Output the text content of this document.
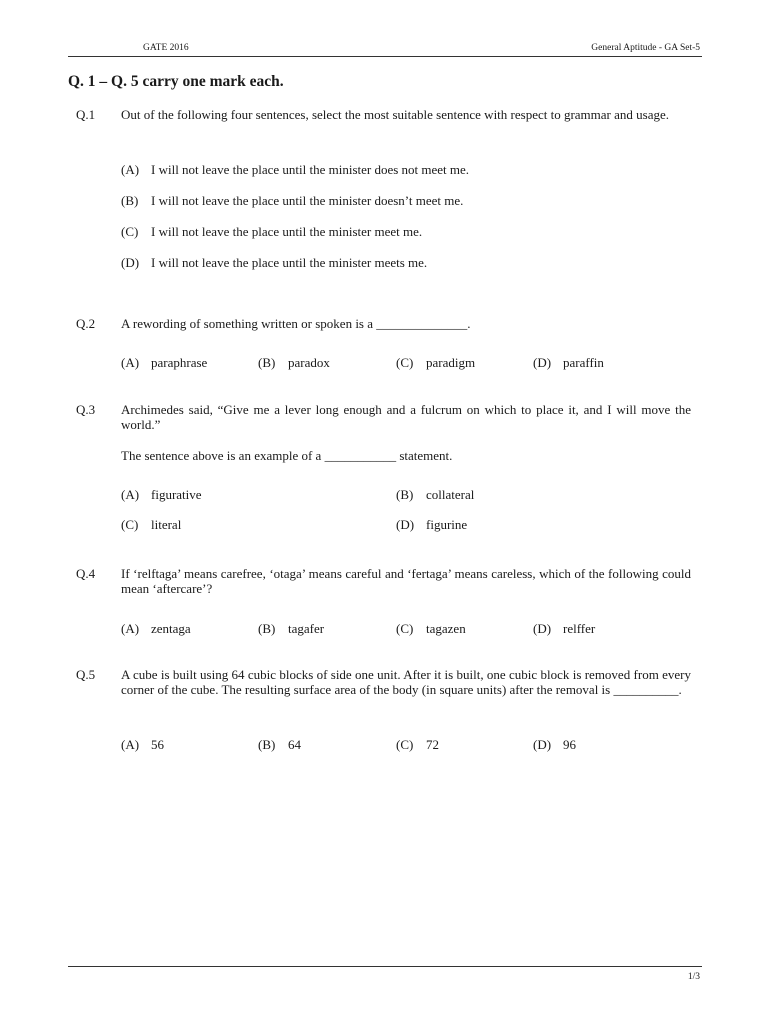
GATE 2016	General Aptitude - GA Set-5
Q. 1 – Q. 5 carry one mark each.
Q.1 Out of the following four sentences, select the most suitable sentence with respect to grammar and usage.
(A) I will not leave the place until the minister does not meet me.
(B) I will not leave the place until the minister doesn’t meet me.
(C) I will not leave the place until the minister meet me.
(D) I will not leave the place until the minister meets me.
Q.2 A rewording of something written or spoken is a ______________.
(A) paraphrase	(B) paradox	(C) paradigm	(D) paraffin
Q.3 Archimedes said, “Give me a lever long enough and a fulcrum on which to place it, and I will move the world.”
The sentence above is an example of a ___________ statement.
(A) figurative	(B) collateral
(C) literal	(D) figurine
Q.4 If ‘relftaga’ means carefree, ‘otaga’ means careful and ‘fertaga’ means careless, which of the following could mean ‘aftercare’?
(A) zentaga	(B) tagafer	(C) tagazen	(D) relffer
Q.5 A cube is built using 64 cubic blocks of side one unit. After it is built, one cubic block is removed from every corner of the cube. The resulting surface area of the body (in square units) after the removal is __________.
(A) 56	(B) 64	(C) 72	(D) 96
1/3
